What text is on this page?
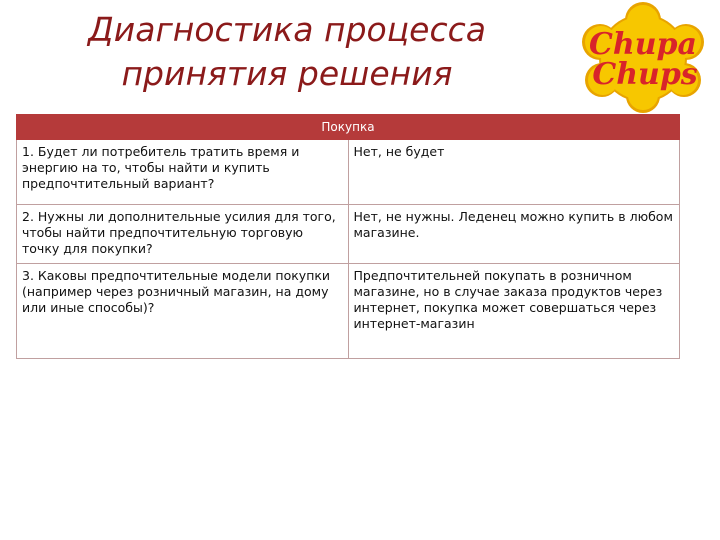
Диагностика процесса
принятия решения
Chupa
Chups
Покупка	
1. Будет ли потребитель тратить время и энергию на то, чтобы найти и купить предпочтительный вариант?	Нет, не будет
2. Нужны ли дополнительные усилия для того, чтобы найти предпочтительную торговую точку для покупки?	Нет, не нужны. Леденец можно купить в любом магазине.
3. Каковы предпочтительные модели покупки (например через розничный магазин, на дому или иные способы)?	Предпочтительней покупать в розничном магазине, но в случае заказа продуктов через интернет, покупка может совершаться через интернет-магазин
